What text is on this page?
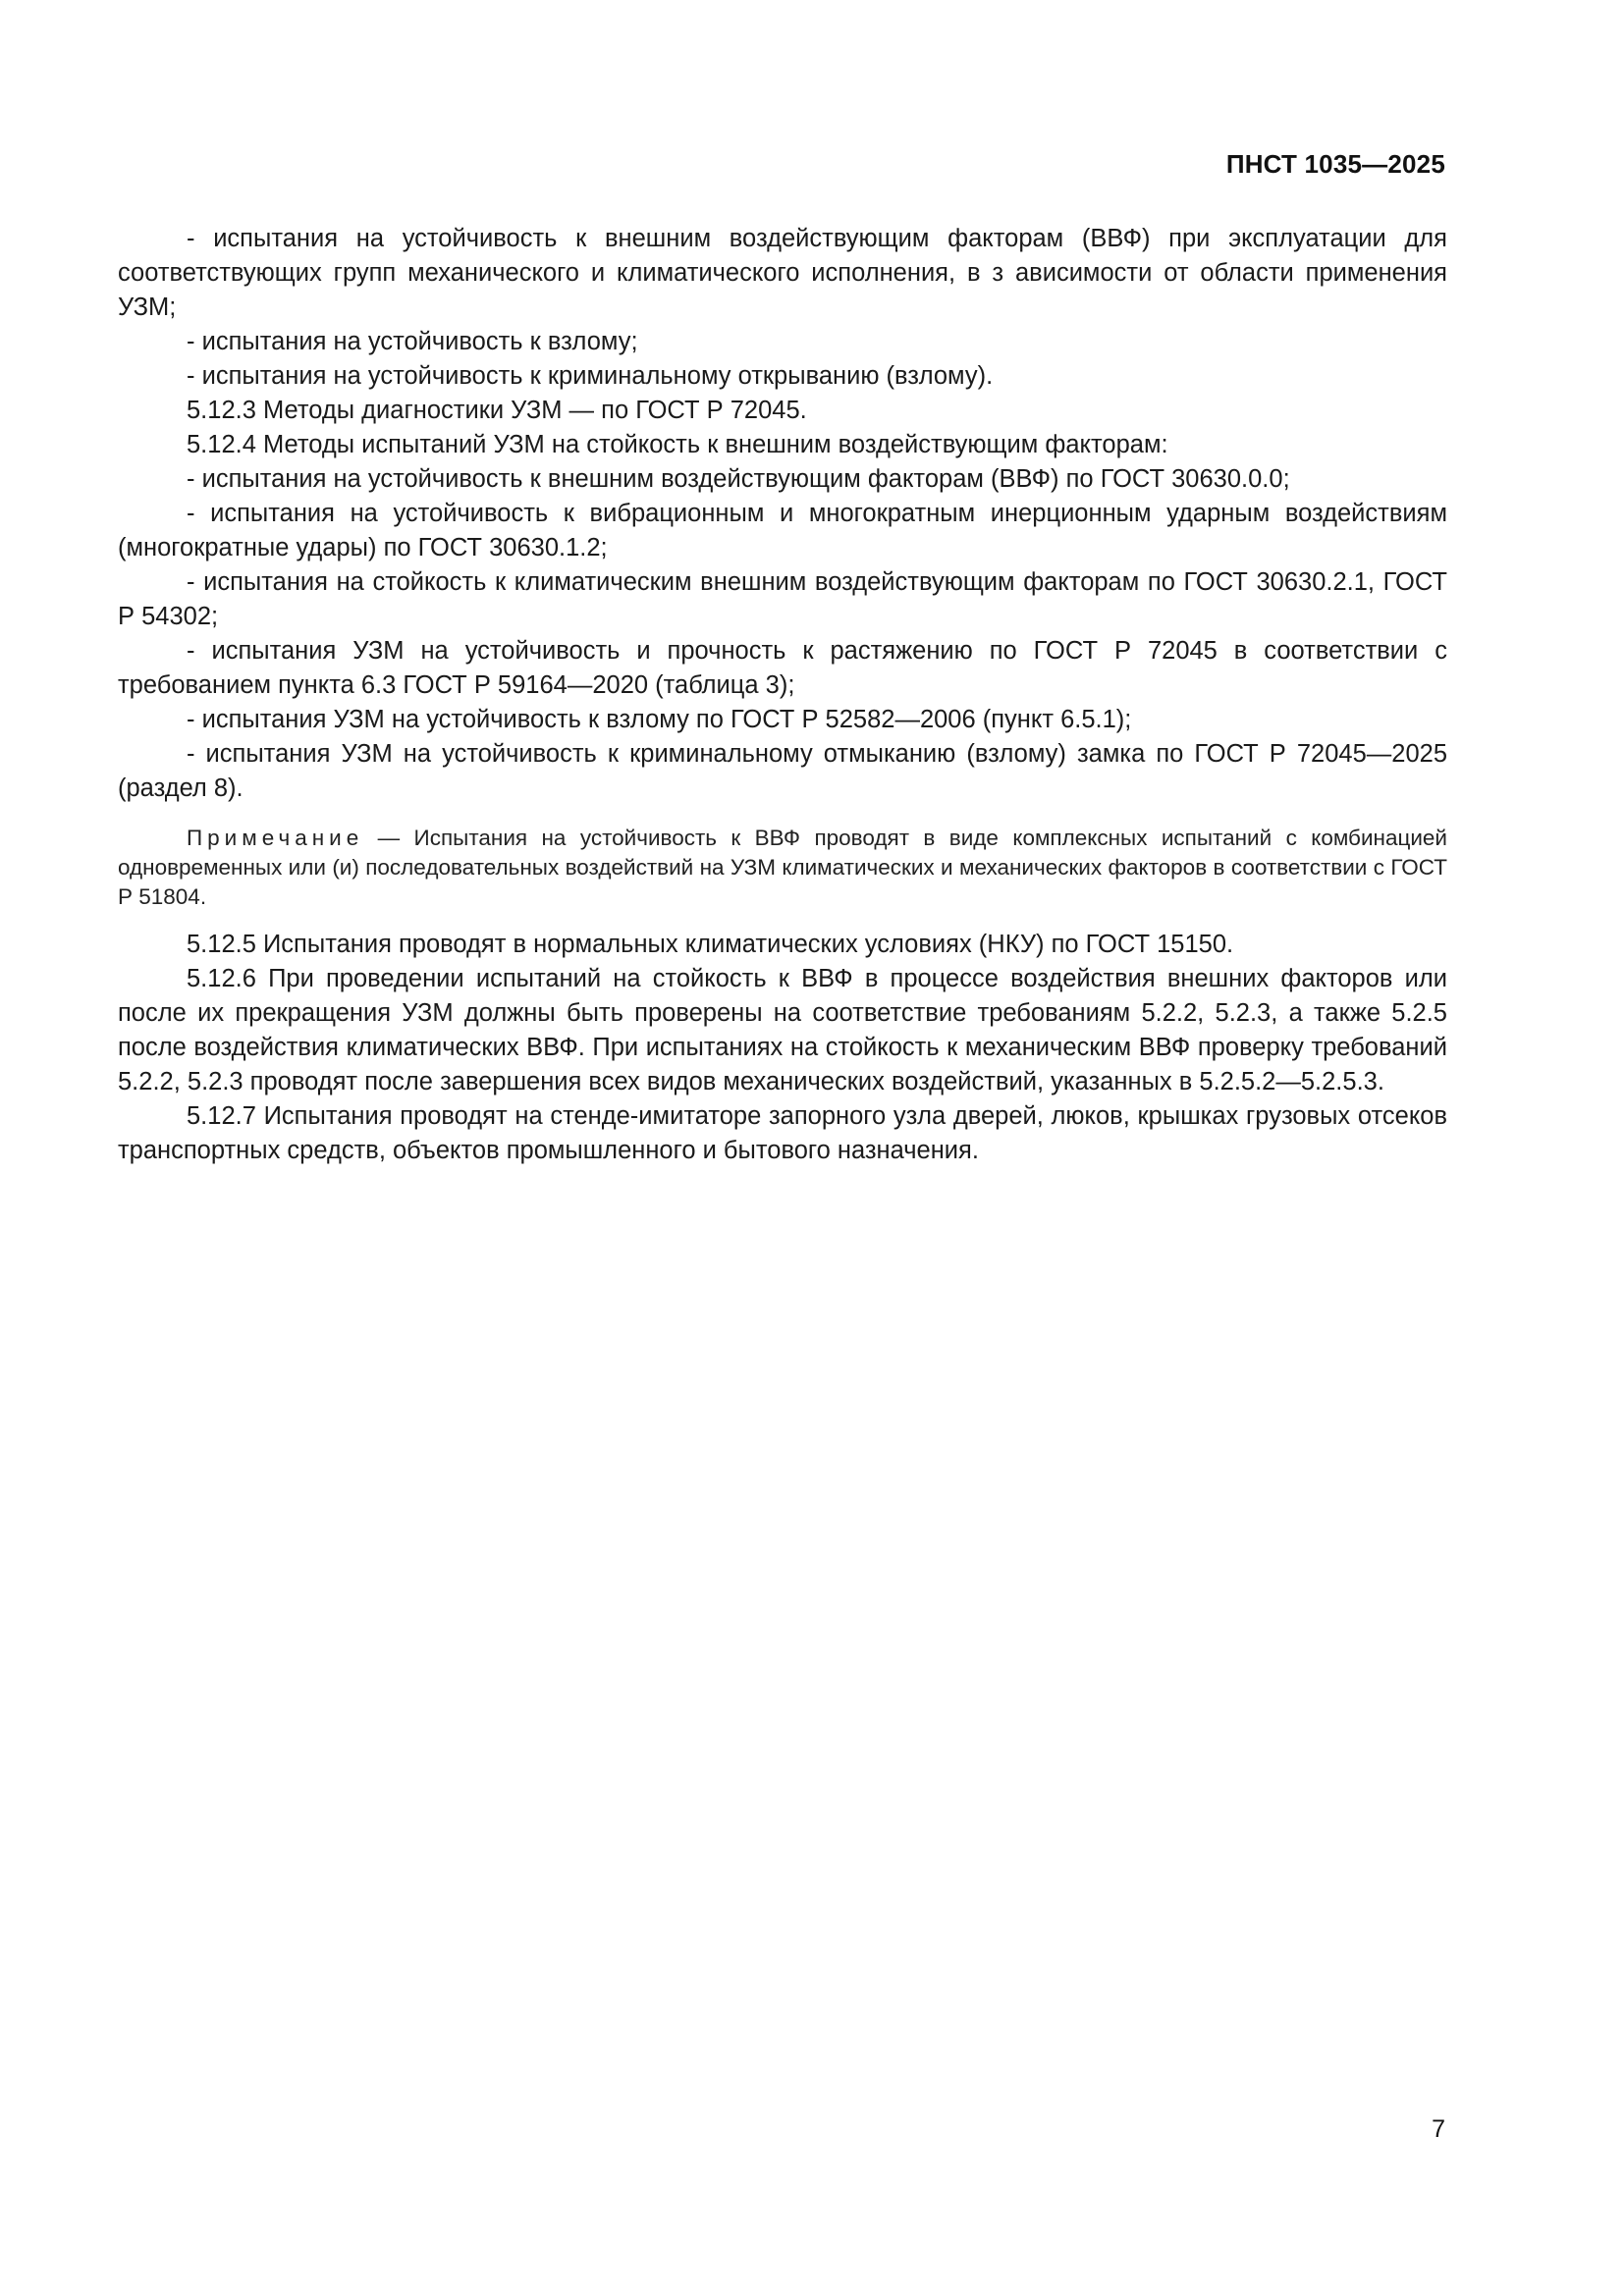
ПНСТ 1035—2025

- испытания на устойчивость к внешним воздействующим факторам (ВВФ) при эксплуатации для соответствующих групп механического и климатического исполнения, в з ависимости от области применения УЗМ;

- испытания на устойчивость к взлому;

- испытания на устойчивость к криминальному открыванию (взлому).

5.12.3 Методы диагностики УЗМ — по ГОСТ Р 72045.

5.12.4 Методы испытаний УЗМ на стойкость к внешним воздействующим факторам:

- испытания на устойчивость к внешним воздействующим факторам (ВВФ) по ГОСТ 30630.0.0;

- испытания на устойчивость к вибрационным и многократным инерционным ударным воздействиям (многократные удары) по ГОСТ 30630.1.2;

- испытания на стойкость к климатическим внешним воздействующим факторам по ГОСТ 30630.2.1, ГОСТ Р 54302;

- испытания УЗМ на устойчивость и прочность к растяжению по ГОСТ Р 72045 в соответствии с требованием пункта 6.3 ГОСТ Р 59164—2020 (таблица 3);

- испытания УЗМ на устойчивость к взлому по ГОСТ Р 52582—2006 (пункт 6.5.1);

- испытания УЗМ на устойчивость к криминальному отмыканию (взлому) замка по ГОСТ Р 72045—2025 (раздел 8).

Примечание — Испытания на устойчивость к ВВФ проводят в виде комплексных испытаний с комбинацией одновременных или (и) последовательных воздействий на УЗМ климатических и механических факторов в соответствии с ГОСТ Р 51804.

5.12.5 Испытания проводят в нормальных климатических условиях (НКУ) по ГОСТ 15150.

5.12.6 При проведении испытаний на стойкость к ВВФ в процессе воздействия внешних факторов или после их прекращения УЗМ должны быть проверены на соответствие требованиям 5.2.2, 5.2.3, а также 5.2.5 после воздействия климатических ВВФ. При испытаниях на стойкость к механическим ВВФ проверку требований 5.2.2, 5.2.3 проводят после завершения всех видов механических воздействий, указанных в 5.2.5.2—5.2.5.3.

5.12.7 Испытания проводят на стенде-имитаторе запорного узла дверей, люков, крышках грузовых отсеков транспортных средств, объектов промышленного и бытового назначения.

7
